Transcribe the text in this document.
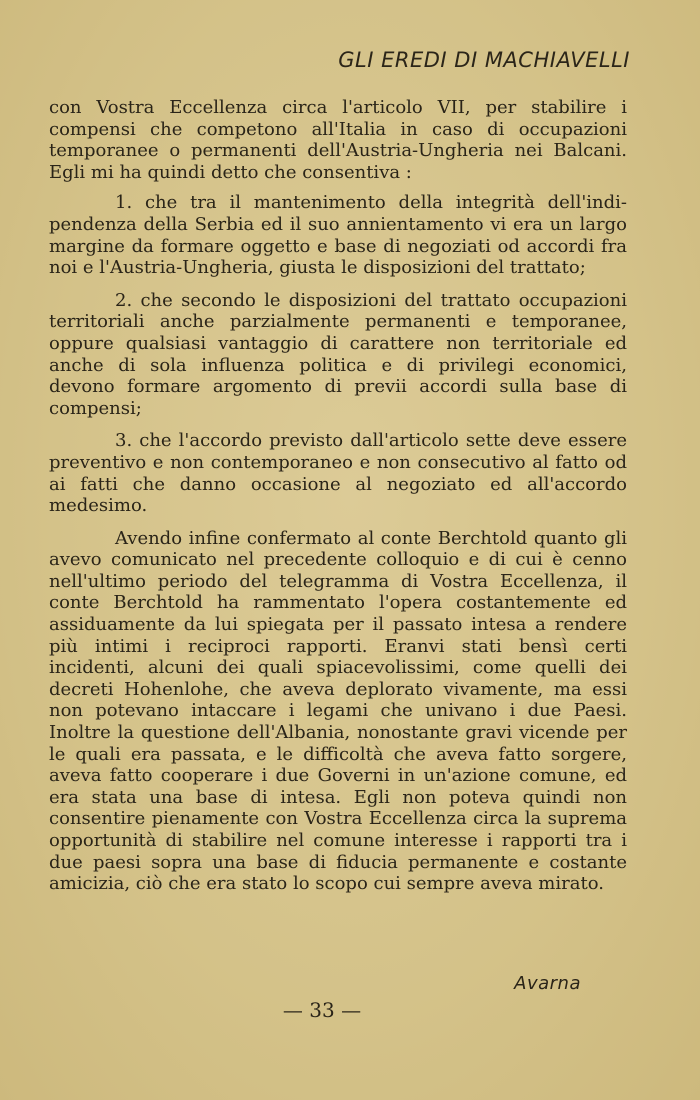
GLI EREDI DI MACHIAVELLI

con Vostra Eccellenza circa l'articolo VII, per stabilire i compensi che competono all'Italia in caso di occupazioni temporanee o permanenti dell'Austria-Ungheria nei Balcani. Egli mi ha quindi detto che consentiva :

1. che tra il mantenimento della integrità dell'indipendenza della Serbia ed il suo annientamento vi era un largo margine da formare oggetto e base di negoziati od accordi fra noi e l'Austria-Ungheria, giusta le disposizioni del trattato;

2. che secondo le disposizioni del trattato occupazioni territoriali anche parzialmente permanenti e temporanee, oppure qualsiasi vantaggio di carattere non territoriale ed anche di sola influenza politica e di privilegi economici, devono formare argomento di previi accordi sulla base di compensi;

3. che l'accordo previsto dall'articolo sette deve essere preventivo e non contemporaneo e non consecutivo al fatto od ai fatti che danno occasione al negoziato ed all'accordo medesimo.

Avendo infine confermato al conte Berchtold quanto gli avevo comunicato nel precedente colloquio e di cui è cenno nell'ultimo periodo del telegramma di Vostra Eccellenza, il conte Berchtold ha rammentato l'opera costantemente ed assiduamente da lui spiegata per il passato intesa a rendere più intimi i reciproci rapporti. Eranvi stati bensì certi incidenti, alcuni dei quali spiacevolissimi, come quelli dei decreti Hohenlohe, che aveva deplorato vivamente, ma essi non potevano intaccare i legami che univano i due Paesi. Inoltre la questione dell'Albania, nonostante gravi vicende per le quali era passata, e le difficoltà che aveva fatto sorgere, aveva fatto cooperare i due Governi in un'azione comune, ed era stata una base di intesa. Egli non poteva quindi non consentire pienamente con Vostra Eccellenza circa la suprema opportunità di stabilire nel comune interesse i rapporti tra i due paesi sopra una base di fiducia permanente e costante amicizia, ciò che era stato lo scopo cui sempre aveva mirato.

Avarna
— 33 —
